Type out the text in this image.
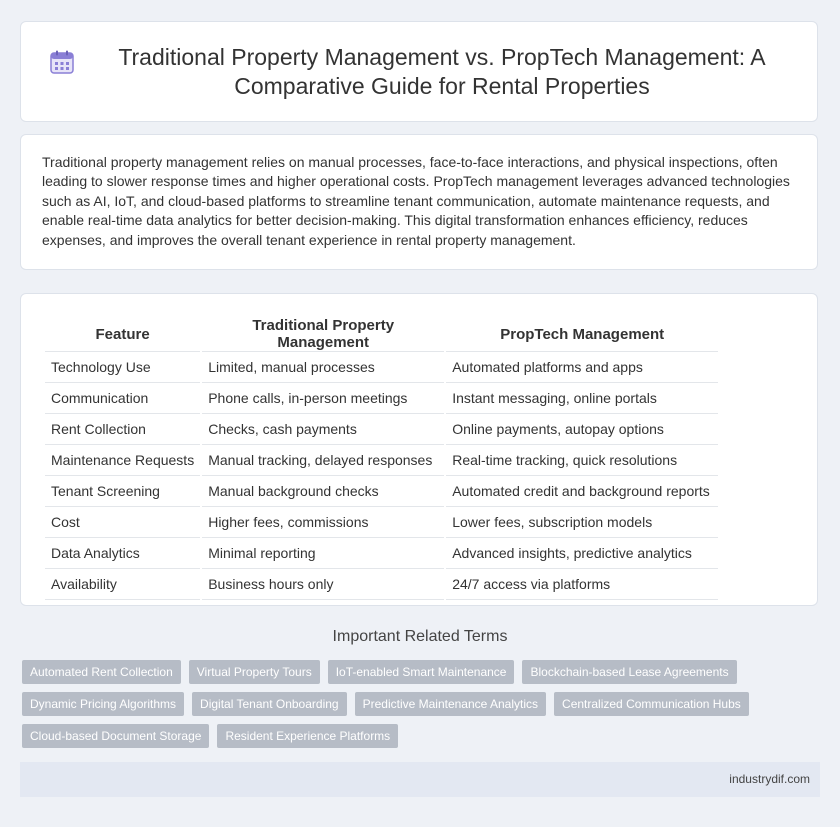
Traditional Property Management vs. PropTech Management: A Comparative Guide for Rental Properties

Traditional property management relies on manual processes, face-to-face interactions, and physical inspections, often leading to slower response times and higher operational costs. PropTech management leverages advanced technologies such as AI, IoT, and cloud-based platforms to streamline tenant communication, automate maintenance requests, and enable real-time data analytics for better decision-making. This digital transformation enhances efficiency, reduces expenses, and improves the overall tenant experience in rental property management.

Feature	Traditional Property Management	PropTech Management
Technology Use	Limited, manual processes	Automated platforms and apps
Communication	Phone calls, in-person meetings	Instant messaging, online portals
Rent Collection	Checks, cash payments	Online payments, autopay options
Maintenance Requests	Manual tracking, delayed responses	Real-time tracking, quick resolutions
Tenant Screening	Manual background checks	Automated credit and background reports
Cost	Higher fees, commissions	Lower fees, subscription models
Data Analytics	Minimal reporting	Advanced insights, predictive analytics
Availability	Business hours only	24/7 access via platforms
Important Related Terms
Automated Rent Collection	Virtual Property Tours	IoT-enabled Smart Maintenance	Blockchain-based Lease Agreements
Dynamic Pricing Algorithms	Digital Tenant Onboarding	Predictive Maintenance Analytics	Centralized Communication Hubs
Cloud-based Document Storage	Resident Experience Platforms
industrydif.com
